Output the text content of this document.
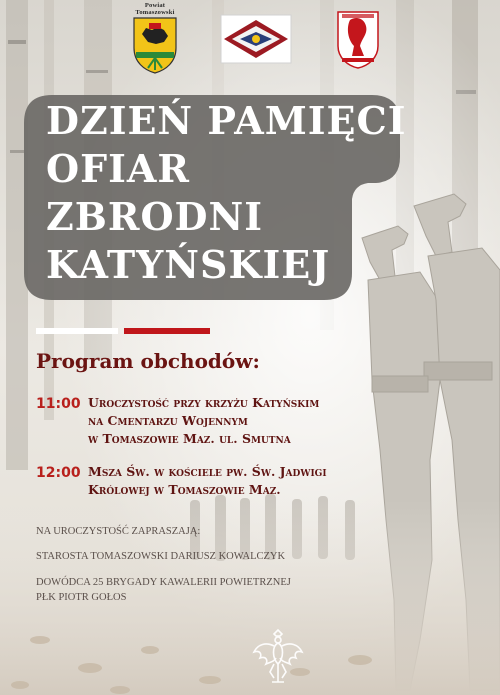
Powiat Tomaszowski
DZIEŃ PAMIĘCI
OFIAR
ZBRODNI
KATYŃSKIEJ
Program obchodów:
11:00 Uroczystość przy krzyżu Katyńskim
na Cmentarzu Wojennym
w Tomaszowie Maz. ul. Smutna
12:00 Msza Św. w kościele pw. Św. Jadwigi
Królowej w Tomaszowie Maz.
NA UROCZYSTOŚĆ ZAPRASZAJĄ:
STAROSTA TOMASZOWSKI DARIUSZ KOWALCZYK
DOWÓDCA 25 BRYGADY KAWALERII POWIETRZNEJ
PŁK PIOTR GOŁOS
